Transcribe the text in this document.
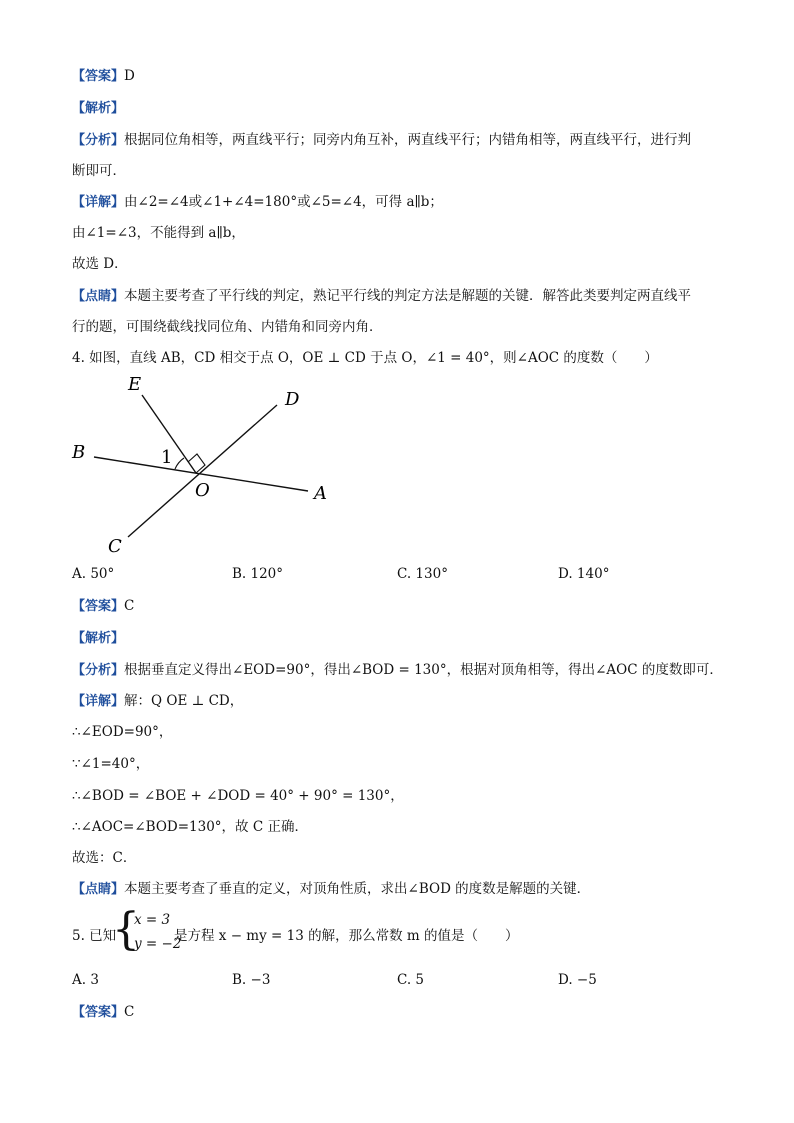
【答案】D
【解析】
【分析】根据同位角相等，两直线平行；同旁内角互补，两直线平行；内错角相等，两直线平行，进行判
断即可．
【详解】由∠2=∠4或∠1+∠4=180°或∠5=∠4，可得 a∥b；
由∠1=∠3，不能得到 a∥b，
故选 D．
【点睛】本题主要考查了平行线的判定，熟记平行线的判定方法是解题的关键．解答此类要判定两直线平
行的题，可围绕截线找同位角、内错角和同旁内角．
4. 如图，直线 AB，CD 相交于点 O，OE ⊥ CD 于点 O，∠1 = 40°，则∠AOC 的度数（　　）
E
D
B	1
O	A
C
A. 50°	B. 120°	C. 130°	D. 140°
【答案】C
【解析】
【分析】根据垂直定义得出∠EOD=90°，得出∠BOD = 130°，根据对顶角相等，得出∠AOC 的度数即可．
【详解】解：Q OE ⊥ CD，
∴∠EOD=90°，
∵∠1=40°，
∴∠BOD = ∠BOE + ∠DOD = 40° + 90° = 130°，
∴∠AOC=∠BOD=130°，故 C 正确．
故选：C．
【点睛】本题主要考查了垂直的定义，对顶角性质，求出∠BOD 的度数是解题的关键．
5. 已知
{
x = 3
y = −2
是方程 x − my = 13 的解，那么常数 m 的值是（　　）
A. 3	B. −3	C. 5	D. −5
【答案】C
